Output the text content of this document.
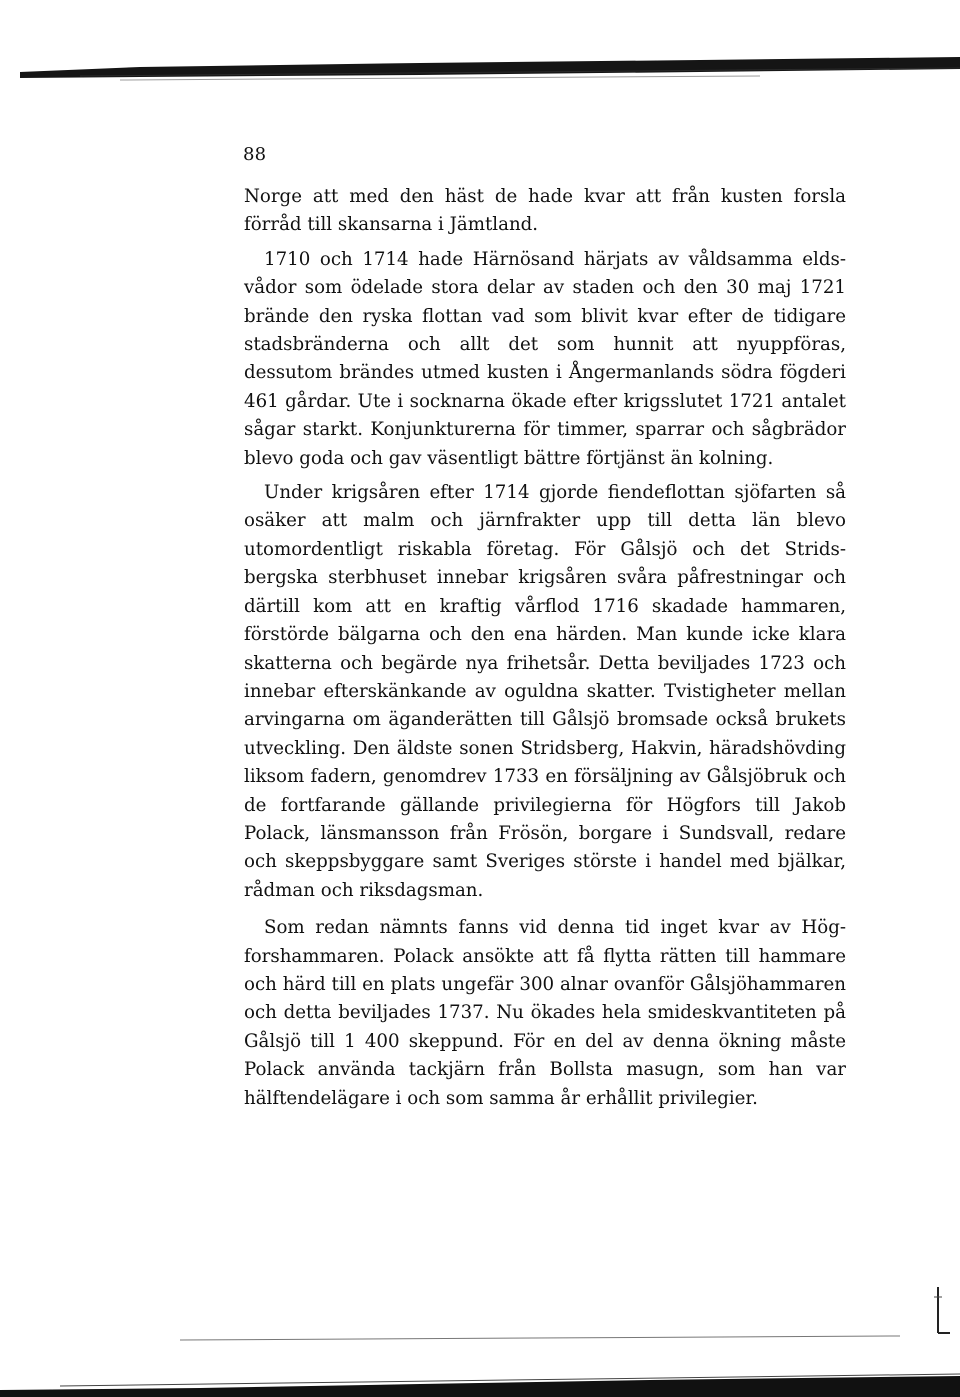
88

Norge att med den häst de hade kvar att från kusten forsla förråd till skansarna i Jämtland.

1710 och 1714 hade Härnösand härjats av våldsamma eldsvådor som ödelade stora delar av staden och den 30 maj 1721 brände den ryska flottan vad som blivit kvar efter de tidigare stadsbränderna och allt det som hunnit att nyuppföras, dessutom brändes utmed kusten i Ångermanlands södra fögderi 461 gårdar. Ute i socknarna ökade efter krigsslutet 1721 antalet sågar starkt. Konjunkturerna för timmer, sparrar och sågbrädor blevo goda och gav väsentligt bättre förtjänst än kolning.

Under krigsåren efter 1714 gjorde fiendeflottan sjöfarten så osäker att malm och järnfrakter upp till detta län blevo utomordentligt riskabla företag. För Gålsjö och det Stridsbergska sterbhuset innebar krigsåren svåra påfrestningar och därtill kom att en kraftig vårflod 1716 skadade hammaren, förstörde bälgarna och den ena härden. Man kunde icke klara skatterna och begärde nya frihetsår. Detta beviljades 1723 och innebar efterskänkande av oguldna skatter. Tvistigheter mellan arvingarna om äganderätten till Gålsjö bromsade också brukets utveckling. Den äldste sonen Stridsberg, Hakvin, häradshövding liksom fadern, genomdrev 1733 en försäljning av Gålsjöbruk och de fortfarande gällande privilegierna för Högfors till Jakob Polack, länsmansson från Frösön, borgare i Sundsvall, redare och skeppsbyggare samt Sveriges störste i handel med bjälkar, rådman och riksdagsman.

Som redan nämnts fanns vid denna tid inget kvar av Högforshammaren. Polack ansökte att få flytta rätten till hammare och härd till en plats ungefär 300 alnar ovanför Gålsjöhammaren och detta beviljades 1737. Nu ökades hela smideskvantiteten på Gålsjö till 1 400 skeppund. För en del av denna ökning måste Polack använda tackjärn från Bollsta masugn, som han var hälftendelägare i och som samma år erhållit privilegier.
